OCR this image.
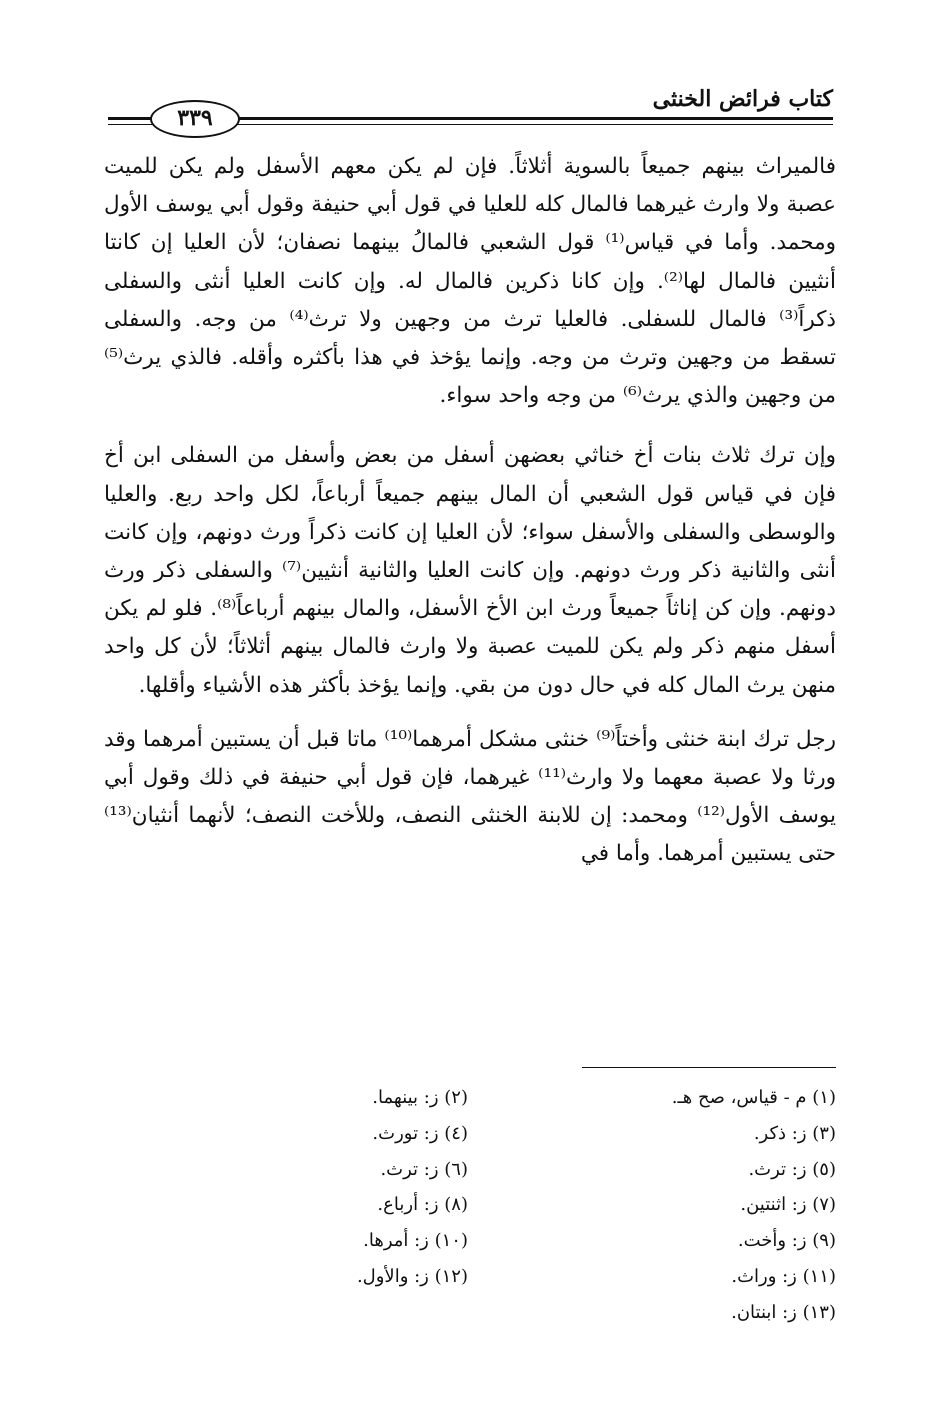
كتاب فرائض الخنثى
٣٣٩

فالميراث بينهم جميعاً بالسوية أثلاثاً. فإن لم يكن معهم الأسفل ولم يكن للميت عصبة ولا وارث غيرهما فالمال كله للعليا في قول أبي حنيفة وقول أبي يوسف الأول ومحمد. وأما في قياس⁽¹⁾ قول الشعبي فالمالُ بينهما نصفان؛ لأن العليا إن كانتا أنثيين فالمال لها⁽²⁾. وإن كانا ذكرين فالمال له. وإن كانت العليا أنثى والسفلى ذكراً⁽³⁾ فالمال للسفلى. فالعليا ترث من وجهين ولا ترث⁽⁴⁾ من وجه. والسفلى تسقط من وجهين وترث من وجه. وإنما يؤخذ في هذا بأكثره وأقله. فالذي يرث⁽⁵⁾ من وجهين والذي يرث⁽⁶⁾ من وجه واحد سواء.

وإن ترك ثلاث بنات أخ خناثي بعضهن أسفل من بعض وأسفل من السفلى ابن أخ فإن في قياس قول الشعبي أن المال بينهم جميعاً أرباعاً، لكل واحد ربع. والعليا والوسطى والسفلى والأسفل سواء؛ لأن العليا إن كانت ذكراً ورث دونهم، وإن كانت أنثى والثانية ذكر ورث دونهم. وإن كانت العليا والثانية أنثيين⁽⁷⁾ والسفلى ذكر ورث دونهم. وإن كن إناثاً جميعاً ورث ابن الأخ الأسفل، والمال بينهم أرباعاً⁽⁸⁾. فلو لم يكن أسفل منهم ذكر ولم يكن للميت عصبة ولا وارث فالمال بينهم أثلاثاً؛ لأن كل واحد منهن يرث المال كله في حال دون من بقي. وإنما يؤخذ بأكثر هذه الأشياء وأقلها.

رجل ترك ابنة خنثى وأختاً⁽⁹⁾ خنثى مشكل أمرهما⁽¹⁰⁾ ماتا قبل أن يستبين أمرهما وقد ورثا ولا عصبة معهما ولا وارث⁽¹¹⁾ غيرهما، فإن قول أبي حنيفة في ذلك وقول أبي يوسف الأول⁽¹²⁾ ومحمد: إن للابنة الخنثى النصف، وللأخت النصف؛ لأنهما أنثيان⁽¹³⁾ حتى يستبين أمرهما. وأما في

(١) م - قياس، صح هـ.
(٣) ز: ذكر.
(٥) ز: ترث.
(٧) ز: اثنتين.
(٩) ز: وأخت.
(١١) ز: وراث.
(١٣) ز: ابنتان.
(٢) ز: بينهما.
(٤) ز: تورث.
(٦) ز: ترث.
(٨) ز: أرباع.
(١٠) ز: أمرها.
(١٢) ز: والأول.
